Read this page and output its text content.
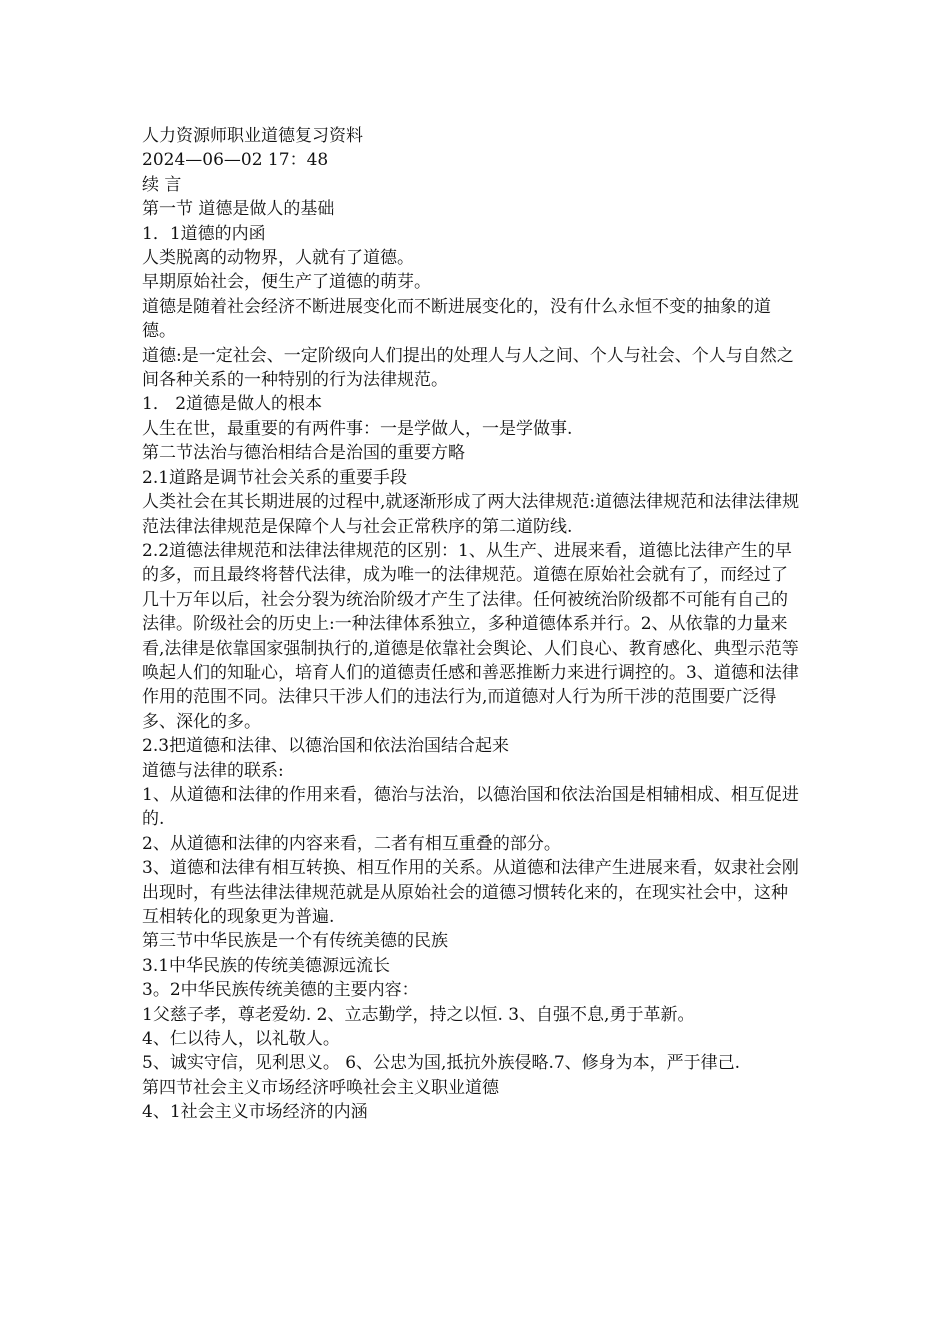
人力资源师职业道德复习资料

2024—06—02 17：48

续 言

第一节 道德是做人的基础

1．1道德的内函

人类脱离的动物界，人就有了道德。

早期原始社会，便生产了道德的萌芽。

道德是随着社会经济不断进展变化而不断进展变化的，没有什么永恒不变的抽象的道德。

道德:是一定社会、一定阶级向人们提出的处理人与人之间、个人与社会、个人与自然之间各种关系的一种特别的行为法律规范。

1． 2道德是做人的根本

人生在世，最重要的有两件事：一是学做人，一是学做事.

第二节法治与德治相结合是治国的重要方略

2.1道路是调节社会关系的重要手段

人类社会在其长期进展的过程中,就逐渐形成了两大法律规范:道德法律规范和法律法律规范法律法律规范是保障个人与社会正常秩序的第二道防线.

2.2道德法律规范和法律法律规范的区别：1、从生产、进展来看，道德比法律产生的早的多，而且最终将替代法律，成为唯一的法律规范。道德在原始社会就有了，而经过了几十万年以后，社会分裂为统治阶级才产生了法律。任何被统治阶级都不可能有自己的法律。阶级社会的历史上:一种法律体系独立，多种道德体系并行。2、从依靠的力量来看,法律是依靠国家强制执行的,道德是依靠社会舆论、人们良心、教育感化、典型示范等唤起人们的知耻心，培育人们的道德责任感和善恶推断力来进行调控的。3、道德和法律作用的范围不同。法律只干涉人们的违法行为,而道德对人行为所干涉的范围要广泛得多、深化的多。

2.3把道德和法律、以德治国和依法治国结合起来

道德与法律的联系:

1、从道德和法律的作用来看，德治与法治，以德治国和依法治国是相辅相成、相互促进的.

2、从道德和法律的内容来看，二者有相互重叠的部分。

3、道德和法律有相互转换、相互作用的关系。从道德和法律产生进展来看，奴隶社会刚出现时，有些法律法律规范就是从原始社会的道德习惯转化来的，在现实社会中，这种互相转化的现象更为普遍.

第三节中华民族是一个有传统美德的民族

3.1中华民族的传统美德源远流长

3。2中华民族传统美德的主要内容：

1父慈子孝，尊老爱幼. 2、立志勤学，持之以恒. 3、自强不息,勇于革新。

4、仁以待人，以礼敬人。

5、诚实守信，见利思义。 6、公忠为国,抵抗外族侵略.7、修身为本，严于律己.

第四节社会主义市场经济呼唤社会主义职业道德

4、1社会主义市场经济的内涵
